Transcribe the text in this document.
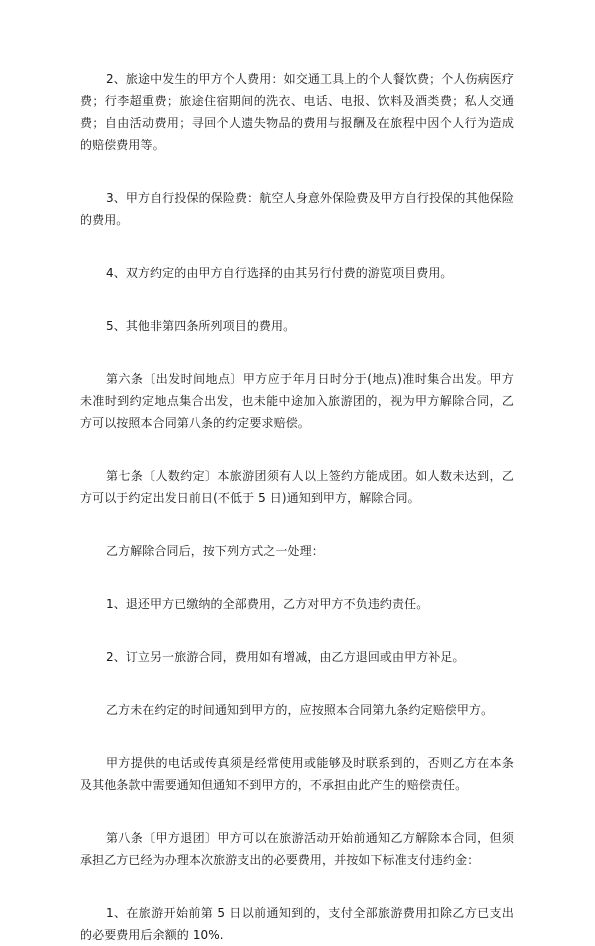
2、旅途中发生的甲方个人费用：如交通工具上的个人餐饮费；个人伤病医疗费；行李超重费；旅途住宿期间的洗衣、电话、电报、饮料及酒类费；私人交通费；自由活动费用；寻回个人遗失物品的费用与报酬及在旅程中因个人行为造成的赔偿费用等。

3、甲方自行投保的保险费：航空人身意外保险费及甲方自行投保的其他保险的费用。

4、双方约定的由甲方自行选择的由其另行付费的游览项目费用。

5、其他非第四条所列项目的费用。

第六条〔出发时间地点〕甲方应于年月日时分于(地点)准时集合出发。甲方未准时到约定地点集合出发，也未能中途加入旅游团的，视为甲方解除合同，乙方可以按照本合同第八条的约定要求赔偿。

第七条〔人数约定〕本旅游团须有人以上签约方能成团。如人数未达到，乙方可以于约定出发日前日(不低于 5 日)通知到甲方，解除合同。

乙方解除合同后，按下列方式之一处理：

1、退还甲方已缴纳的全部费用，乙方对甲方不负违约责任。

2、订立另一旅游合同，费用如有增减，由乙方退回或由甲方补足。

乙方未在约定的时间通知到甲方的，应按照本合同第九条约定赔偿甲方。

甲方提供的电话或传真须是经常使用或能够及时联系到的，否则乙方在本条及其他条款中需要通知但通知不到甲方的，不承担由此产生的赔偿责任。

第八条〔甲方退团〕甲方可以在旅游活动开始前通知乙方解除本合同，但须承担乙方已经为办理本次旅游支出的必要费用，并按如下标准支付违约金：

1、在旅游开始前第 5 日以前通知到的，支付全部旅游费用扣除乙方已支出的必要费用后余额的 10%.
